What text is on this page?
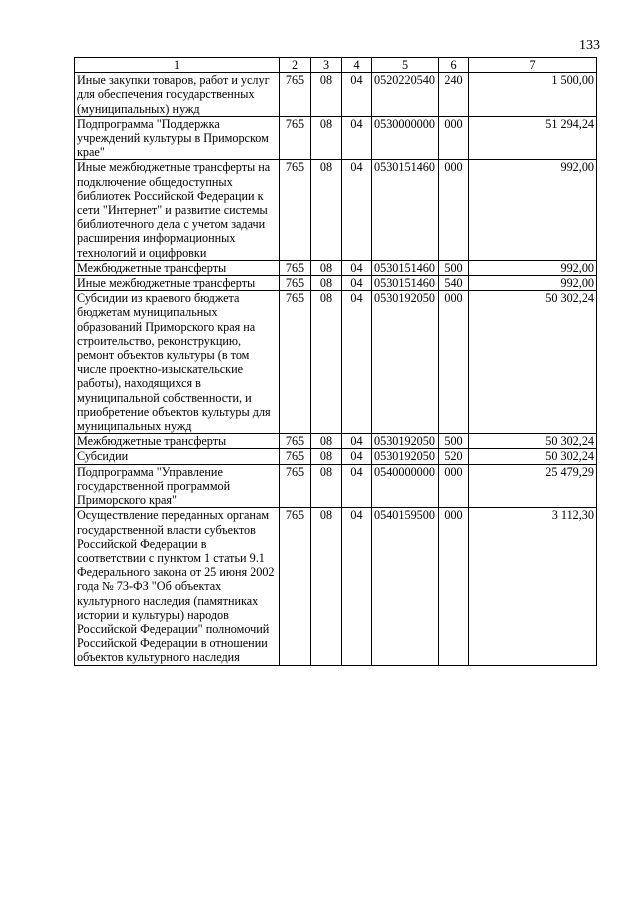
133
1	2	3	4	5	6	7
Иные закупки товаров, работ и услуг для обеспечения государственных (муниципальных) нужд	765	08	04	0520220540	240	1 500,00
Подпрограмма "Поддержка учреждений культуры в Приморском крае"	765	08	04	0530000000	000	51 294,24
Иные межбюджетные трансферты на подключение общедоступных библиотек Российской Федерации к сети "Интернет" и развитие системы библиотечного дела с учетом задачи расширения информационных технологий и оцифровки	765	08	04	0530151460	000	992,00
Межбюджетные трансферты	765	08	04	0530151460	500	992,00
Иные межбюджетные трансферты	765	08	04	0530151460	540	992,00
Субсидии из краевого бюджета бюджетам муниципальных образований Приморского края на строительство, реконструкцию, ремонт объектов культуры (в том числе проектно-изыскательские работы), находящихся в муниципальной собственности, и приобретение объектов культуры для муниципальных нужд	765	08	04	0530192050	000	50 302,24
Межбюджетные трансферты	765	08	04	0530192050	500	50 302,24
Субсидии	765	08	04	0530192050	520	50 302,24
Подпрограмма "Управление государственной программой Приморского края"	765	08	04	0540000000	000	25 479,29
Осуществление переданных органам государственной власти субъектов Российской Федерации в соответствии с пунктом 1 статьи 9.1 Федерального закона от 25 июня 2002 года № 73-ФЗ "Об объектах культурного наследия (памятниках истории и культуры) народов Российской Федерации" полномочий Российской Федерации в отношении объектов культурного наследия	765	08	04	0540159500	000	3 112,30
